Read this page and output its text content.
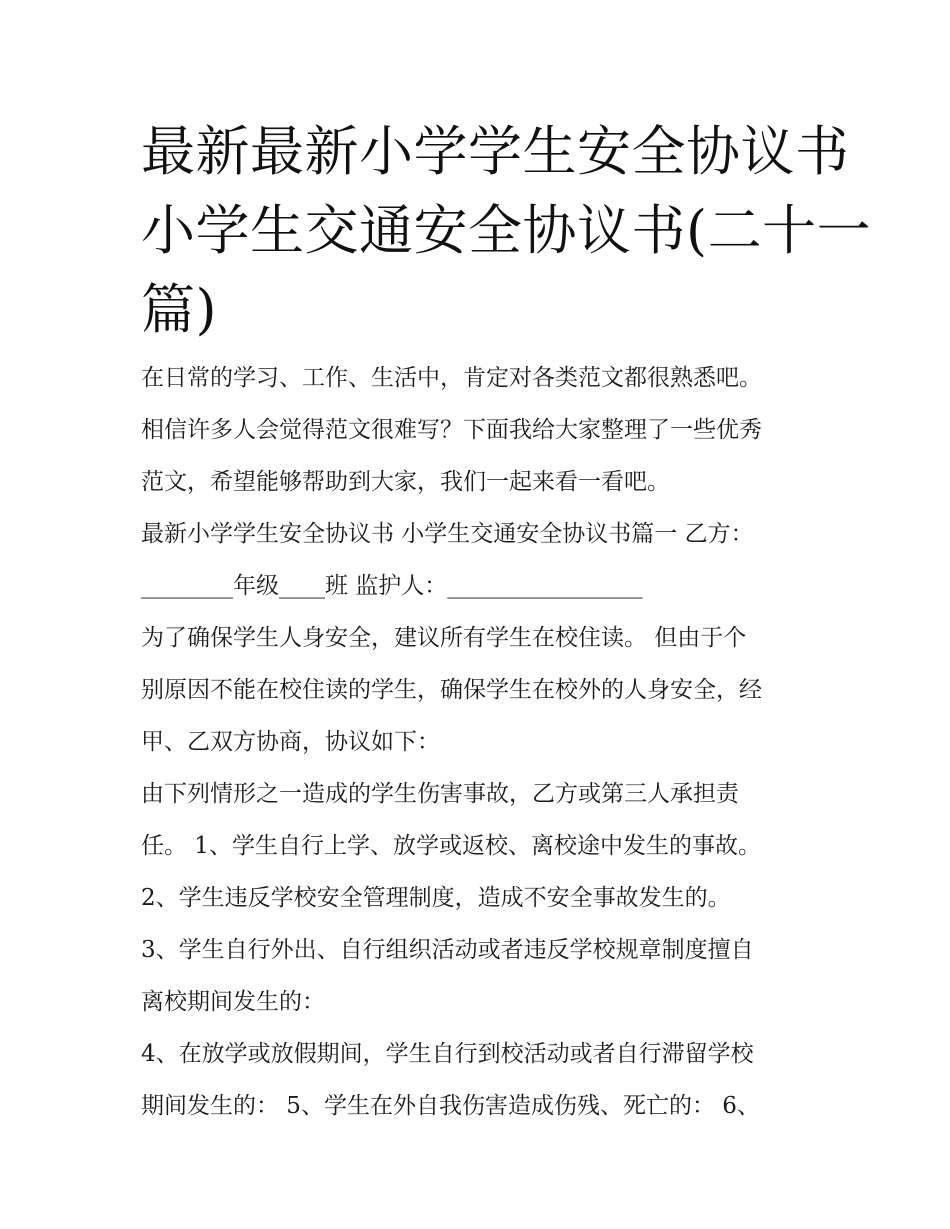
最新最新小学学生安全协议书
小学生交通安全协议书(二十一
篇)
在日常的学习、工作、生活中，肯定对各类范文都很熟悉吧。
相信许多人会觉得范文很难写？下面我给大家整理了一些优秀
范文，希望能够帮助到大家，我们一起来看一看吧。
最新小学学生安全协议书 小学生交通安全协议书篇一 乙方：
________年级____班 监护人：_________________
为了确保学生人身安全，建议所有学生在校住读。 但由于个
别原因不能在校住读的学生，确保学生在校外的人身安全，经
甲、乙双方协商，协议如下：
由下列情形之一造成的学生伤害事故，乙方或第三人承担责
任。 1、学生自行上学、放学或返校、离校途中发生的事故。
2、学生违反学校安全管理制度，造成不安全事故发生的。
3、学生自行外出、自行组织活动或者违反学校规章制度擅自
离校期间发生的：
4、在放学或放假期间，学生自行到校活动或者自行滞留学校
期间发生的： 5、学生在外自我伤害造成伤残、死亡的： 6、
